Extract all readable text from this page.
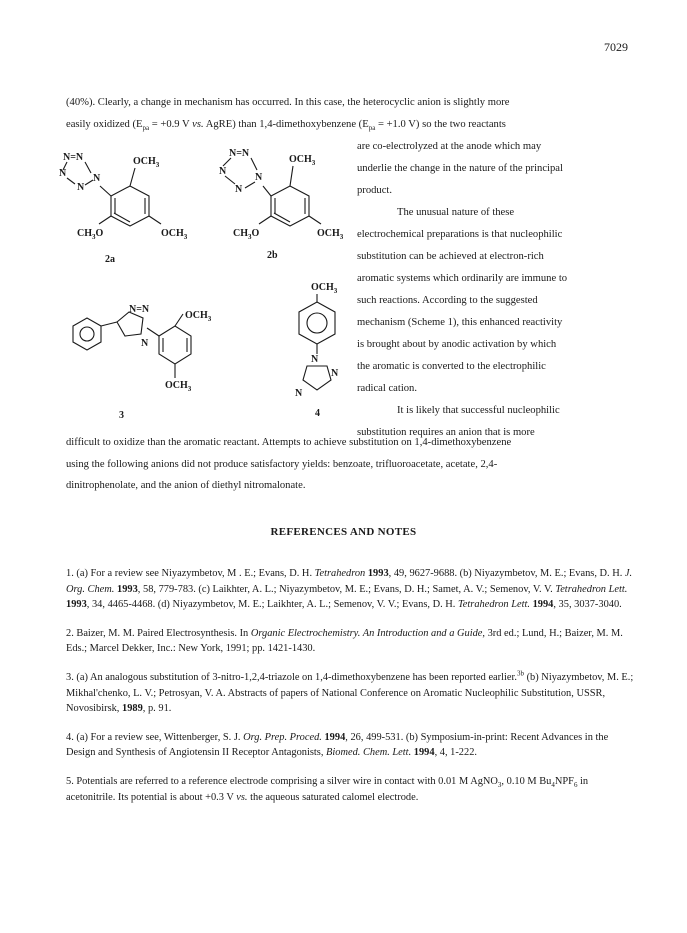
7029

(40%). Clearly, a change in mechanism has occurred. In this case, the heterocyclic anion is slightly more
easily oxidized ($E_{pa} = +0.9$ V vs. AgRE) than 1,4-dimethoxybenzene ($E_{pa} = +1.0$ V) so the two reactants

are co-electrolyzed at the anode which may

underlie the change in the nature of the principal

product.

The unusual nature of these

electrochemical preparations is that nucleophilic

substitution can be achieved at electron-rich

aromatic systems which ordinarily are immune to

such reactions. According to the suggested

mechanism (Scheme 1), this enhanced reactivity

is brought about by anodic activation by which

the aromatic is converted to the electrophilic

radical cation.

It is likely that successful nucleophilic

substitution requires an anion that is more

N=N
N	N
N
$OCH_3$
$CH_3O$	$OCH_3$
2a
N=N
N
N
N
$OCH_3$
$CH_3O$	$OCH_3$
2b
N=N
N
$OCH_3$
$OCH_3$
3
$OCH_3$
N
N
N
4

difficult to oxidize than the aromatic reactant. Attempts to achieve substitution on 1,4-dimethoxybenzene
using the following anions did not produce satisfactory yields: benzoate, trifluoroacetate, acetate, 2,4-
dinitrophenolate, and the anion of diethyl nitromalonate.

REFERENCES AND NOTES

1. (a) For a review see Niyazymbetov, M . E.; Evans, D. H. Tetrahedron 1993, 49, 9627-9688. (b) Niyazymbetov, M. E.; Evans, D. H. J. Org. Chem. 1993, 58, 779-783. (c) Laikhter, A. L.; Niyazymbetov, M. E.; Evans, D. H.; Samet, A. V.; Semenov, V. V. Tetrahedron Lett. 1993, 34, 4465-4468. (d) Niyazymbetov, M. E.; Laikhter, A. L.; Semenov, V. V.; Evans, D. H. Tetrahedron Lett. 1994, 35, 3037-3040.

2. Baizer, M. M. Paired Electrosynthesis. In Organic Electrochemistry. An Introduction and a Guide, 3rd ed.; Lund, H.; Baizer, M. M. Eds.; Marcel Dekker, Inc.: New York, 1991; pp. 1421-1430.

3. (a) An analogous substitution of 3-nitro-1,2,4-triazole on 1,4-dimethoxybenzene has been reported earlier.$^{3b}$ (b) Niyazymbetov, M. E.; Mikhal'chenko, L. V.; Petrosyan, V. A. Abstracts of papers of National Conference on Aromatic Nucleophilic Substitution, USSR, Novosibirsk, 1989, p. 91.

4. (a) For a review see, Wittenberger, S. J. Org. Prep. Proced. 1994, 26, 499-531. (b) Symposium-in-print: Recent Advances in the Design and Synthesis of Angiotensin II Receptor Antagonists, Biomed. Chem. Lett. 1994, 4, 1-222.

5. Potentials are referred to a reference electrode comprising a silver wire in contact with 0.01 M AgNO$_3$, 0.10 M $Bu_4NPF_6$ in acetonitrile. Its potential is about +0.3 V vs. the aqueous saturated calomel electrode.
